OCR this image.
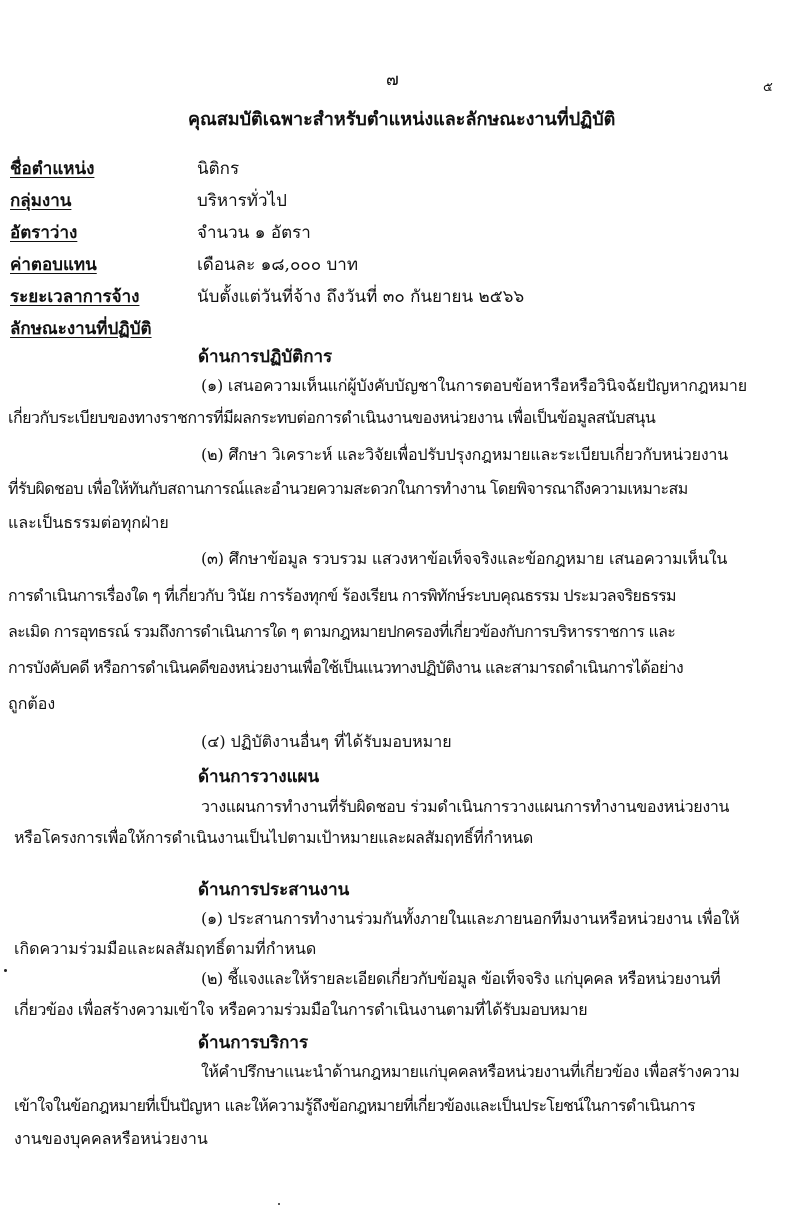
๗	๕
คุณสมบัติเฉพาะสำหรับตำแหน่งและลักษณะงานที่ปฏิบัติ
ชื่อตำแหน่ง	นิติกร
กลุ่มงาน	บริหารทั่วไป
อัตราว่าง	จำนวน ๑ อัตรา
ค่าตอบแทน	เดือนละ ๑๘,๐๐๐ บาท
ระยะเวลาการจ้าง	นับตั้งแต่วันที่จ้าง ถึงวันที่ ๓๐ กันยายน ๒๕๖๖
ลักษณะงานที่ปฏิบัติ
ด้านการปฏิบัติการ
(๑) เสนอความเห็นแก่ผู้บังคับบัญชาในการตอบข้อหารือหรือวินิจฉัยปัญหากฎหมาย
เกี่ยวกับระเบียบของทางราชการที่มีผลกระทบต่อการดำเนินงานของหน่วยงาน เพื่อเป็นข้อมูลสนับสนุน
(๒) ศึกษา วิเคราะห์ และวิจัยเพื่อปรับปรุงกฎหมายและระเบียบเกี่ยวกับหน่วยงาน
ที่รับผิดชอบ เพื่อให้ทันกับสถานการณ์และอำนวยความสะดวกในการทำงาน โดยพิจารณาถึงความเหมาะสม
และเป็นธรรมต่อทุกฝ่าย
(๓) ศึกษาข้อมูล รวบรวม แสวงหาข้อเท็จจริงและข้อกฎหมาย เสนอความเห็นใน
การดำเนินการเรื่องใด ๆ ที่เกี่ยวกับ วินัย การร้องทุกข์ ร้องเรียน การพิทักษ์ระบบคุณธรรม ประมวลจริยธรรม
ละเมิด การอุทธรณ์ รวมถึงการดำเนินการใด ๆ ตามกฎหมายปกครองที่เกี่ยวข้องกับการบริหารราชการ และ
การบังคับคดี หรือการดำเนินคดีของหน่วยงานเพื่อใช้เป็นแนวทางปฏิบัติงาน และสามารถดำเนินการได้อย่าง
ถูกต้อง
(๔) ปฏิบัติงานอื่นๆ ที่ได้รับมอบหมาย
ด้านการวางแผน
วางแผนการทำงานที่รับผิดชอบ ร่วมดำเนินการวางแผนการทำงานของหน่วยงาน
หรือโครงการเพื่อให้การดำเนินงานเป็นไปตามเป้าหมายและผลสัมฤทธิ์ที่กำหนด
ด้านการประสานงาน
(๑) ประสานการทำงานร่วมกันทั้งภายในและภายนอกทีมงานหรือหน่วยงาน เพื่อให้
เกิดความร่วมมือและผลสัมฤทธิ์ตามที่กำหนด
(๒) ชี้แจงและให้รายละเอียดเกี่ยวกับข้อมูล ข้อเท็จจริง แก่บุคคล หรือหน่วยงานที่
เกี่ยวข้อง เพื่อสร้างความเข้าใจ หรือความร่วมมือในการดำเนินงานตามที่ได้รับมอบหมาย
ด้านการบริการ
ให้คำปรึกษาแนะนำด้านกฎหมายแก่บุคคลหรือหน่วยงานที่เกี่ยวข้อง เพื่อสร้างความ
เข้าใจในข้อกฎหมายที่เป็นปัญหา และให้ความรู้ถึงข้อกฎหมายที่เกี่ยวข้องและเป็นประโยชน์ในการดำเนินการ
งานของบุคคลหรือหน่วยงาน
